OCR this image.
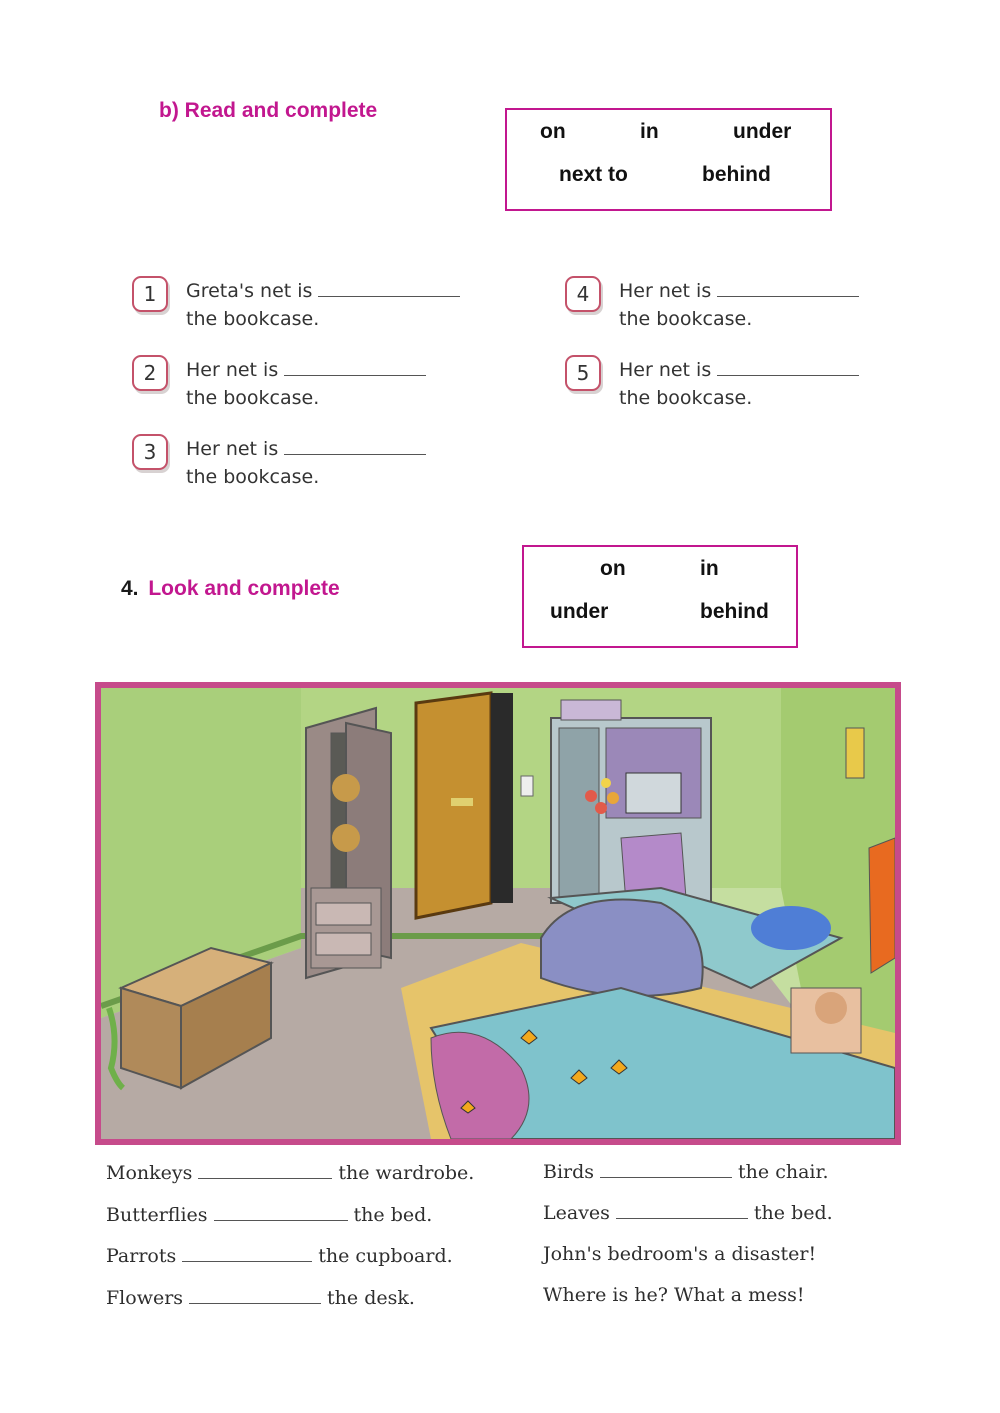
b) Read and complete
on	in	under
next to	behind
1	Greta's net is
the bookcase.
2	Her net is
the bookcase.
3	Her net is
the bookcase.
4	Her net is
the bookcase.
5	Her net is
the bookcase.
4. Look and complete
on	in
under	behind
Monkeys	the wardrobe.
Butterflies	the bed.
Parrots	the cupboard.
Flowers	the desk.
Birds	the chair.
Leaves	the bed.
John's bedroom's a disaster!
Where is he? What a mess!
